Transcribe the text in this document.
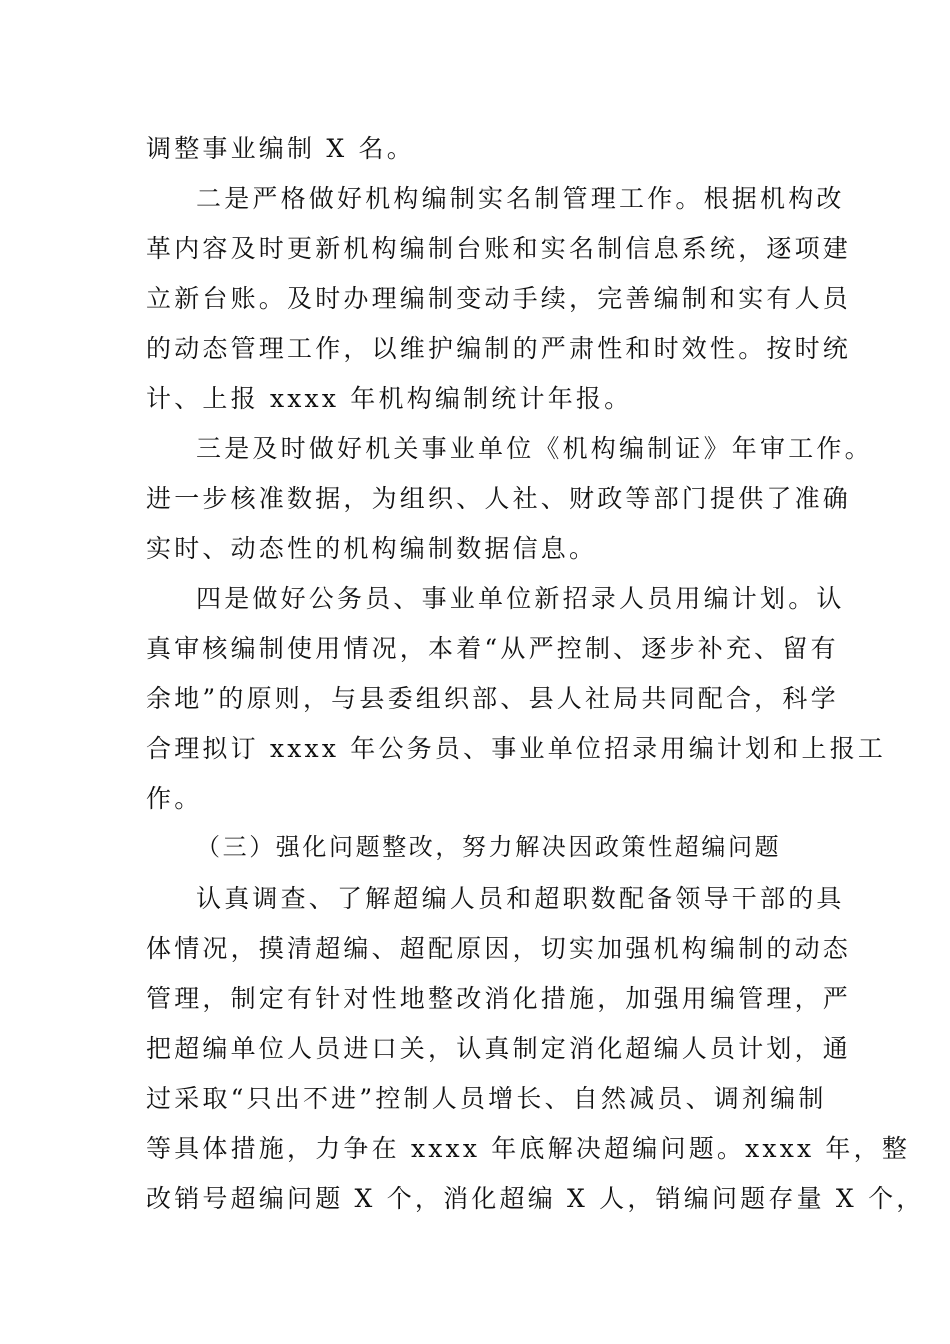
调整事业编制 X 名。
二是严格做好机构编制实名制管理工作。根据机构改
革内容及时更新机构编制台账和实名制信息系统，逐项建
立新台账。及时办理编制变动手续，完善编制和实有人员
的动态管理工作，以维护编制的严肃性和时效性。按时统
计、上报 xxxx 年机构编制统计年报。
三是及时做好机关事业单位《机构编制证》年审工作。
进一步核准数据，为组织、人社、财政等部门提供了准确
实时、动态性的机构编制数据信息。
四是做好公务员、事业单位新招录人员用编计划。认
真审核编制使用情况，本着“从严控制、逐步补充、留有
余地”的原则，与县委组织部、县人社局共同配合，科学
合理拟订 xxxx 年公务员、事业单位招录用编计划和上报工
作。
（三）强化问题整改，努力解决因政策性超编问题
认真调查、了解超编人员和超职数配备领导干部的具
体情况，摸清超编、超配原因，切实加强机构编制的动态
管理，制定有针对性地整改消化措施，加强用编管理，严
把超编单位人员进口关，认真制定消化超编人员计划，通
过采取“只出不进”控制人员增长、自然减员、调剂编制
等具体措施，力争在 xxxx 年底解决超编问题。xxxx 年，整
改销号超编问题 X 个，消化超编 X 人，销编问题存量 X 个，
